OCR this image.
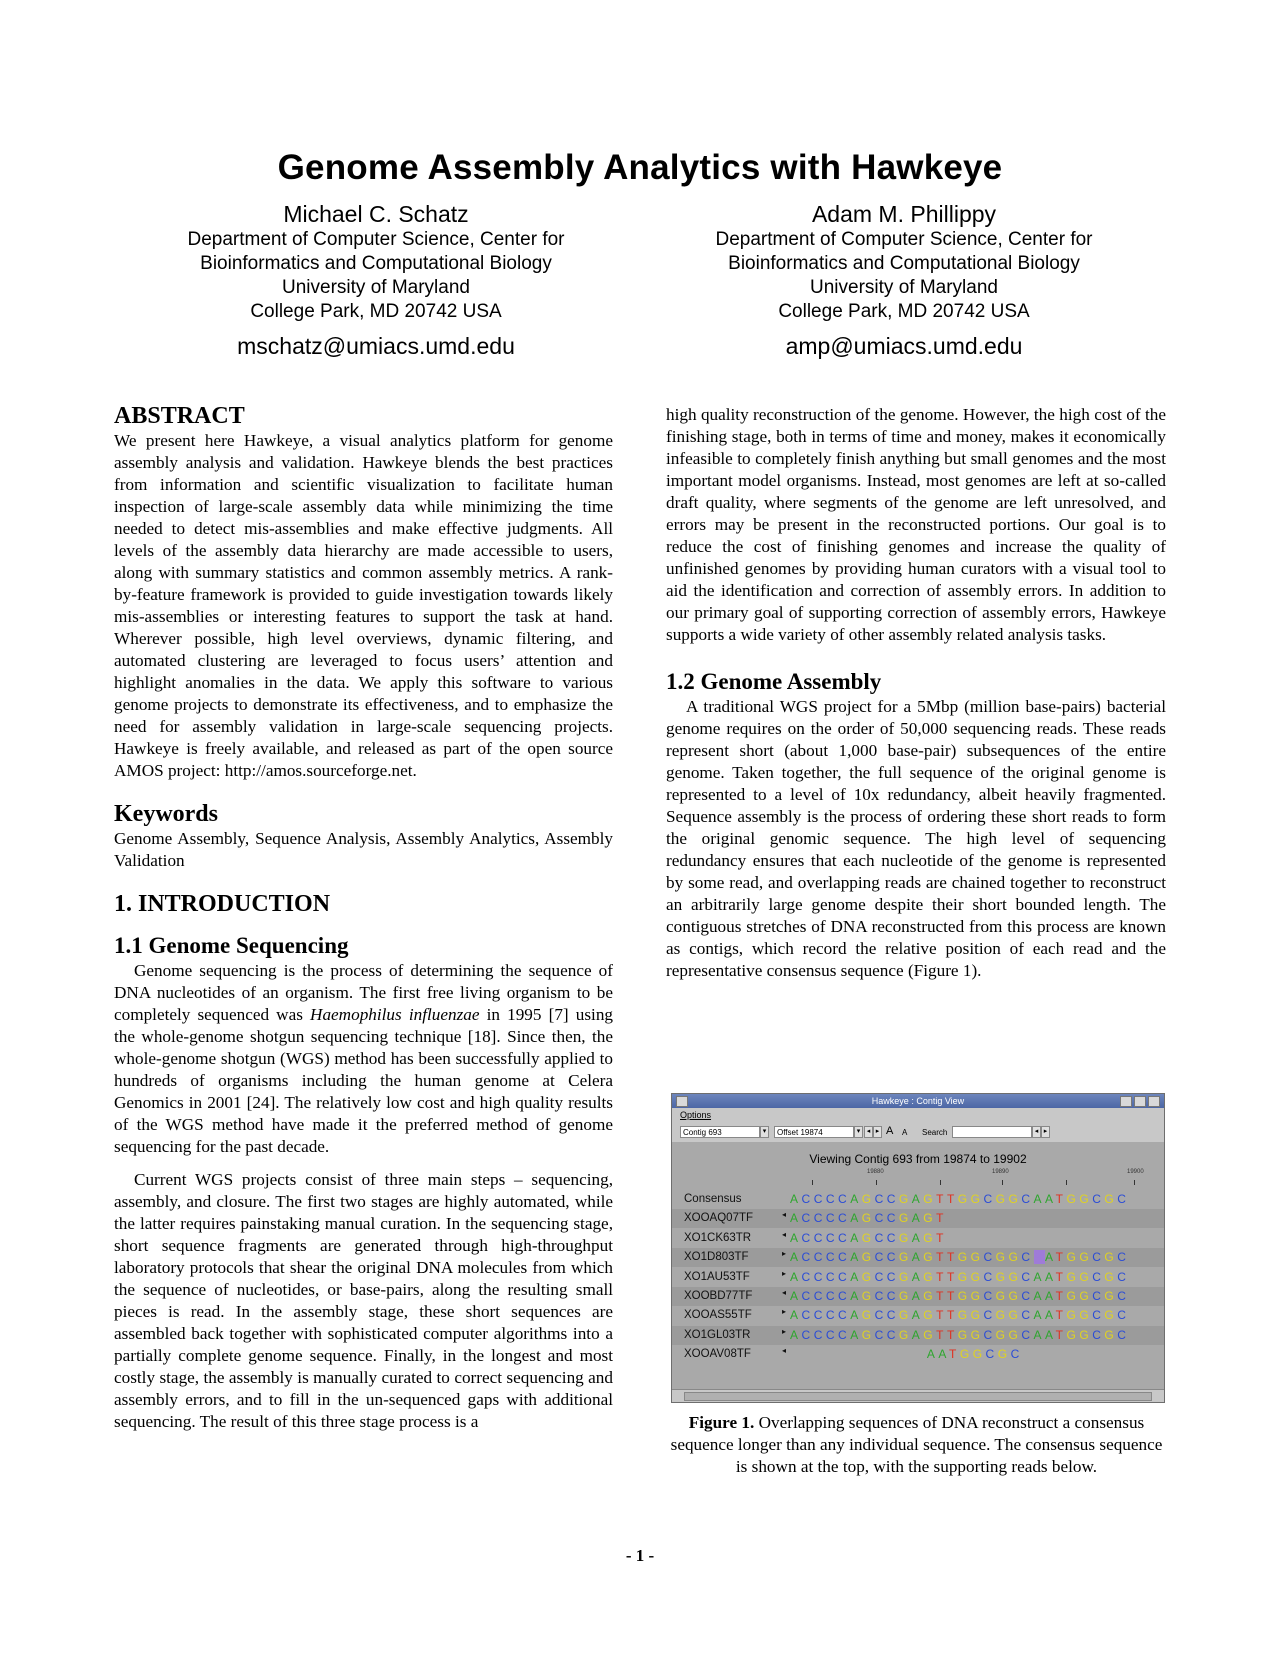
Genome Assembly Analytics with Hawkeye
Michael C. Schatz
Department of Computer Science, Center for
Bioinformatics and Computational Biology
University of Maryland
College Park, MD 20742 USA
mschatz@umiacs.umd.edu
Adam M. Phillippy
Department of Computer Science, Center for
Bioinformatics and Computational Biology
University of Maryland
College Park, MD 20742 USA
amp@umiacs.umd.edu
ABSTRACT

We present here Hawkeye, a visual analytics platform for genome assembly analysis and validation. Hawkeye blends the best practices from information and scientific visualization to facilitate human inspection of large-scale assembly data while minimizing the time needed to detect mis-assemblies and make effective judgments. All levels of the assembly data hierarchy are made accessible to users, along with summary statistics and common assembly metrics. A rank-by-feature framework is provided to guide investigation towards likely mis-assemblies or interesting features to support the task at hand. Wherever possible, high level overviews, dynamic filtering, and automated clustering are leveraged to focus users’ attention and highlight anomalies in the data. We apply this software to various genome projects to demonstrate its effectiveness, and to emphasize the need for assembly validation in large-scale sequencing projects. Hawkeye is freely available, and released as part of the open source AMOS project: http://amos.sourceforge.net.

Keywords

Genome Assembly, Sequence Analysis, Assembly Analytics, Assembly Validation

1. INTRODUCTION
1.1 Genome Sequencing

Genome sequencing is the process of determining the sequence of DNA nucleotides of an organism. The first free living organism to be completely sequenced was Haemophilus influenzae in 1995 [7] using the whole-genome shotgun sequencing technique [18]. Since then, the whole-genome shotgun (WGS) method has been successfully applied to hundreds of organisms including the human genome at Celera Genomics in 2001 [24]. The relatively low cost and high quality results of the WGS method have made it the preferred method of genome sequencing for the past decade.

Current WGS projects consist of three main steps – sequencing, assembly, and closure. The first two stages are highly automated, while the latter requires painstaking manual curation. In the sequencing stage, short sequence fragments are generated through high-throughput laboratory protocols that shear the original DNA molecules from which the sequence of nucleotides, or base-pairs, along the resulting small pieces is read. In the assembly stage, these short sequences are assembled back together with sophisticated computer algorithms into a partially complete genome sequence. Finally, in the longest and most costly stage, the assembly is manually curated to correct sequencing and assembly errors, and to fill in the un-sequenced gaps with additional sequencing. The result of this three stage process is a

high quality reconstruction of the genome. However, the high cost of the finishing stage, both in terms of time and money, makes it economically infeasible to completely finish anything but small genomes and the most important model organisms. Instead, most genomes are left at so-called draft quality, where segments of the genome are left unresolved, and errors may be present in the reconstructed portions. Our goal is to reduce the cost of finishing genomes and increase the quality of unfinished genomes by providing human curators with a visual tool to aid the identification and correction of assembly errors. In addition to our primary goal of supporting correction of assembly errors, Hawkeye supports a wide variety of other assembly related analysis tasks.

1.2 Genome Assembly

A traditional WGS project for a 5Mbp (million base-pairs) bacterial genome requires on the order of 50,000 sequencing reads. These reads represent short (about 1,000 base-pair) subsequences of the entire genome. Taken together, the full sequence of the original genome is represented to a level of 10x redundancy, albeit heavily fragmented. Sequence assembly is the process of ordering these short reads to form the original genomic sequence. The high level of sequencing redundancy ensures that each nucleotide of the genome is represented by some read, and overlapping reads are chained together to reconstruct an arbitrarily large genome despite their short bounded length. The contiguous stretches of DNA reconstructed from this process are known as contigs, which record the relative position of each read and the representative consensus sequence (Figure 1).

Hawkeye : Contig View
Options
Contig 693	▾	Offset 19874	▾ ◂ ▸ A A Search	◂ ▸
Viewing Contig 693 from 19874 to 19902
19880	19890	19900
Consensus	ACCCCAGCCGAGTTGGCGGCAATGGCGC
XOOAQ07TF	◂ ACCCCAGCCGAGT
XO1CK63TR	◂ ACCCCAGCCGAGT
XO1D803TF	▸ ACCCCAGCCGAGTTGGCGGCAATGGCGC
XO1AU53TF	▸ ACCCCAGCCGAGTTGGCGGCAATGGCGC
XOOBD77TF	◂ ACCCCAGCCGAGTTGGCGGCAATGGCGC
XOOAS55TF	▸ ACCCCAGCCGAGTTGGCGGCAATGGCGC
XO1GL03TR	▸ ACCCCAGCCGAGTTGGCGGCAATGGCGC
XOOAV08TF	◂	AATGGCGC
Figure 1. Overlapping sequences of DNA reconstruct a consensus sequence longer than any individual sequence. The consensus sequence is shown at the top, with the supporting reads below.
- 1 -
